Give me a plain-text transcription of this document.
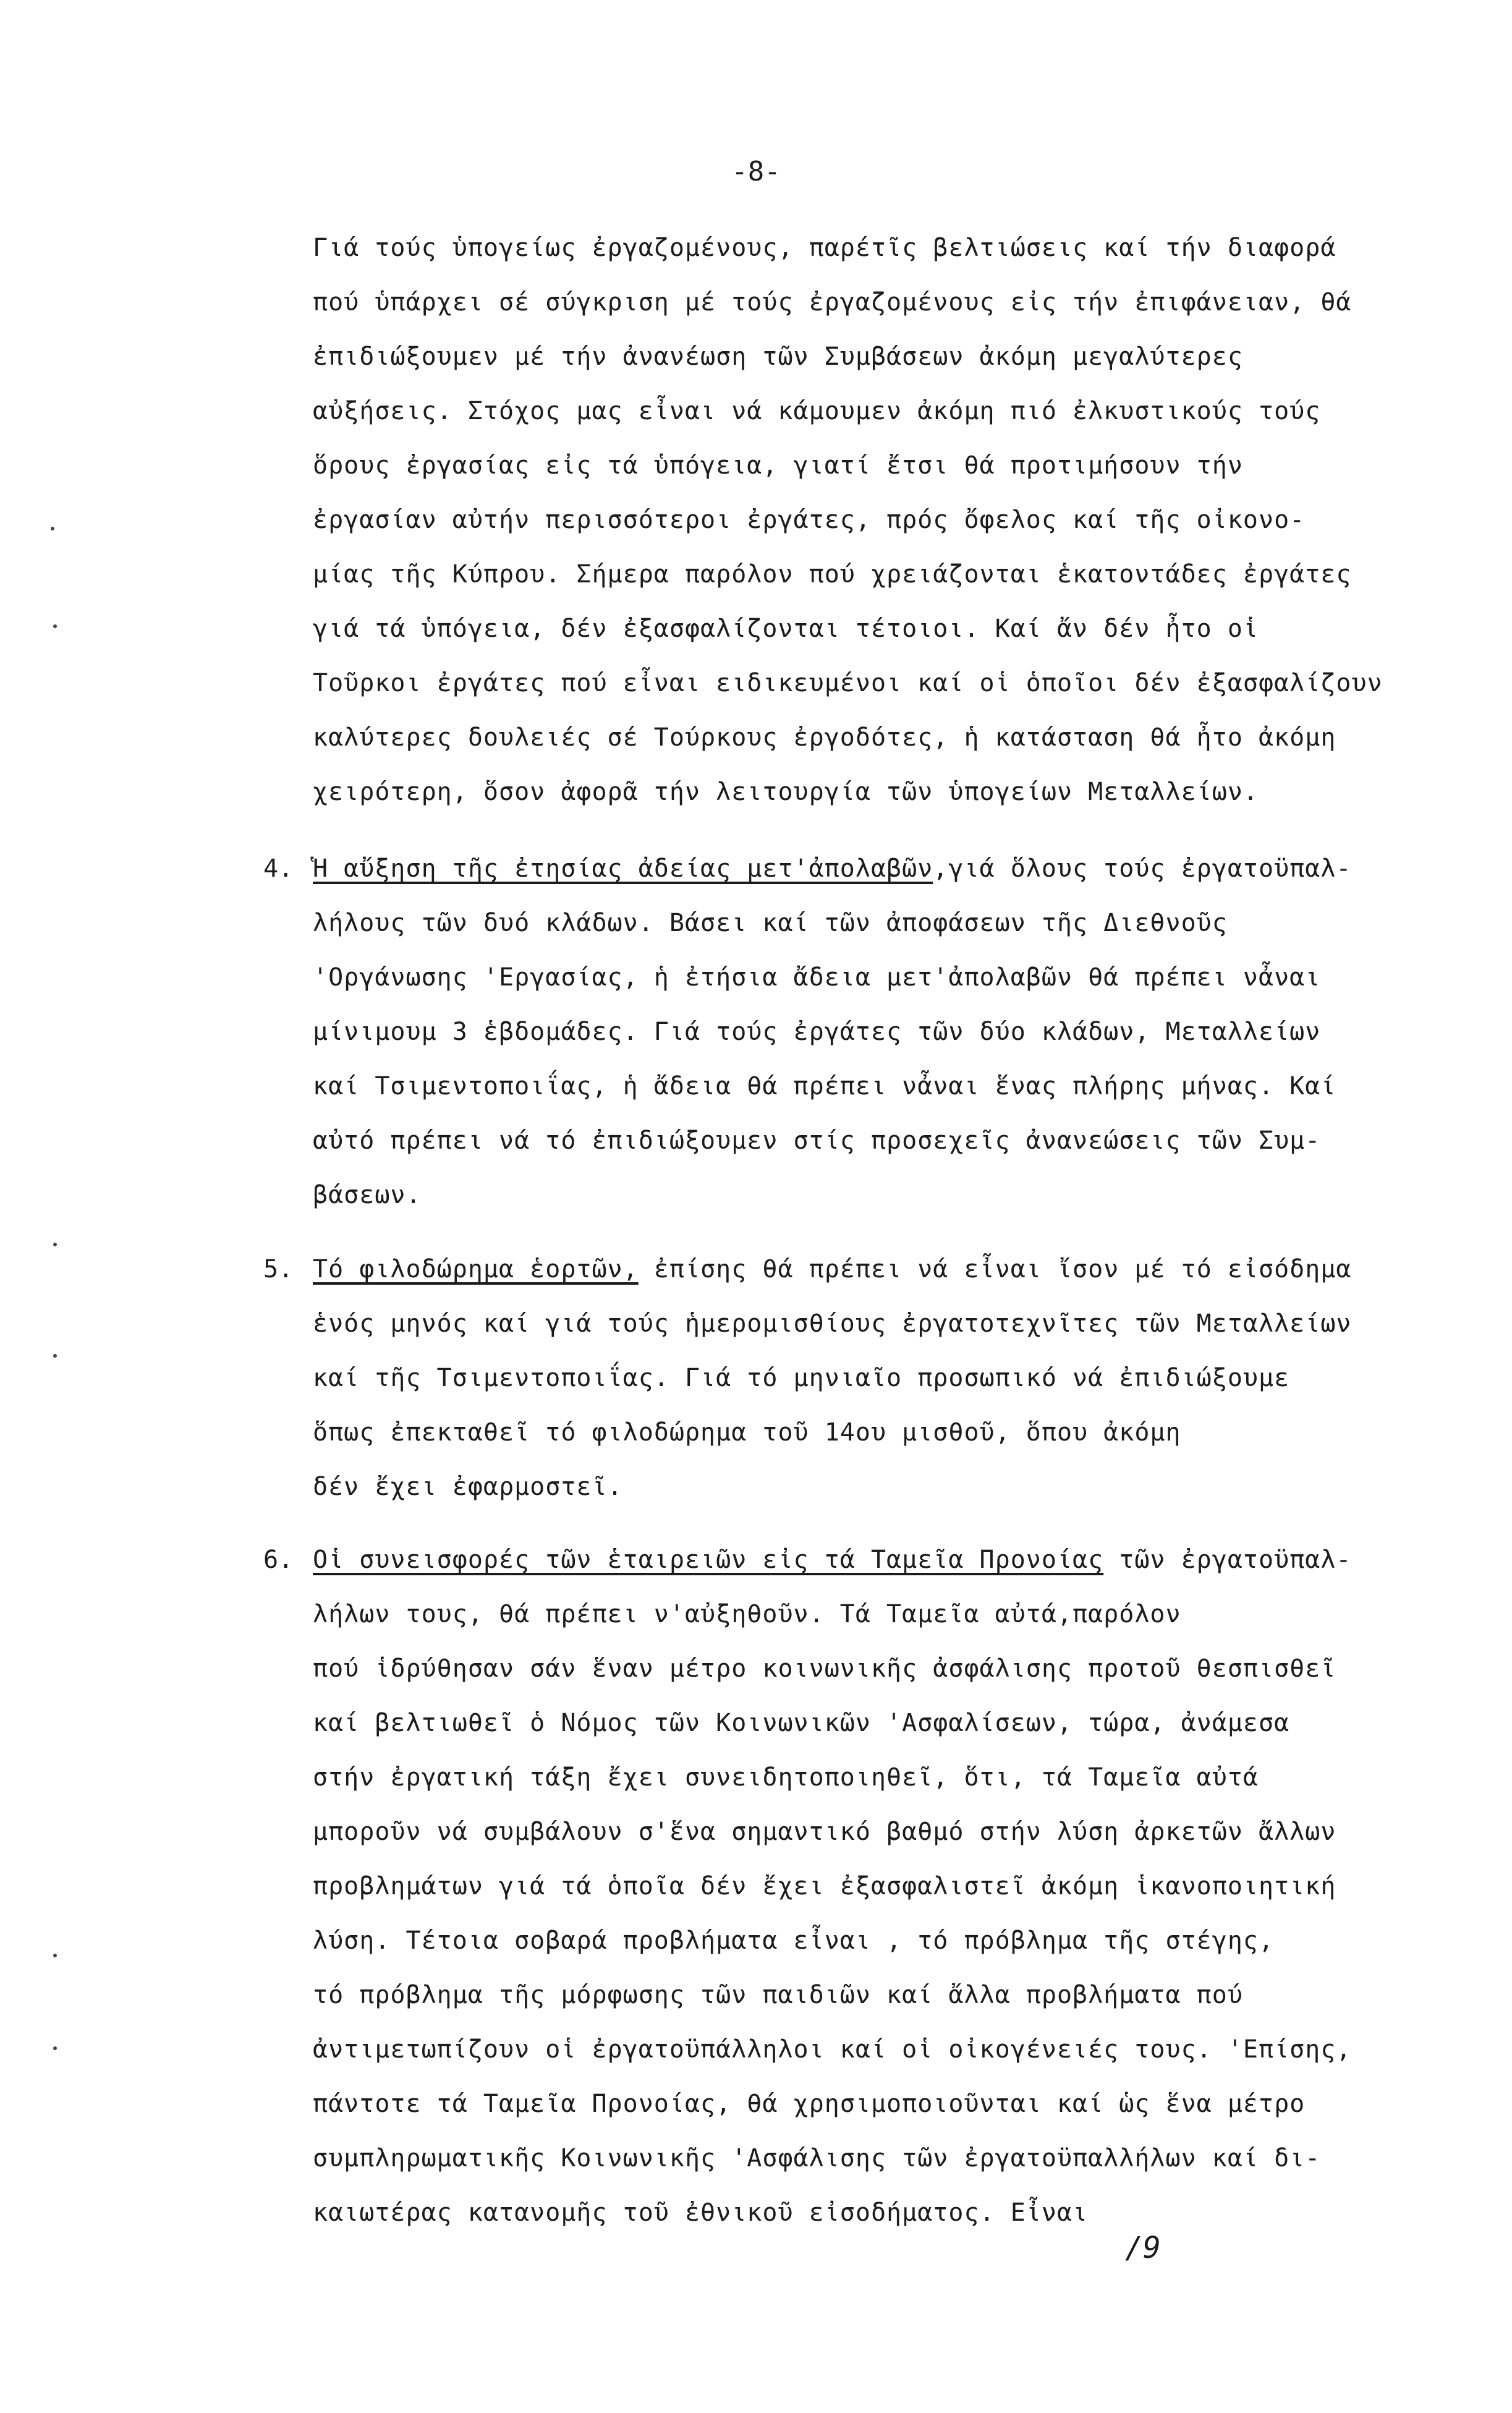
-8-
Γιά τούς ὑπογείως ἐργαζομένους, παρέτῖς βελτιώσεις καί τήν διαφορά
πού ὑπάρχει σέ σύγκριση μέ τούς ἐργαζομένους εἰς τήν ἐπιφάνειαν, θά
ἐπιδιώξουμεν μέ τήν ἀνανέωση τῶν Συμβάσεων ἀκόμη μεγαλύτερες
αὐξήσεις. Στόχος μας εἶναι νά κάμουμεν ἀκόμη πιό ἐλκυστικούς τούς
ὅρους ἐργασίας εἰς τά ὑπόγεια, γιατί ἔτσι θά προτιμήσουν τήν
ἐργασίαν αὐτήν περισσότεροι ἐργάτες, πρός ὄφελος καί τῆς οἰκονο-
μίας τῆς Κύπρου. Σήμερα παρόλον πού χρειάζονται ἑκατοντάδες ἐργάτες
γιά τά ὑπόγεια, δέν ἐξασφαλίζονται τέτοιοι. Καί ἄν δέν ἦτο οἱ
Τοῦρκοι ἐργάτες πού εἶναι ειδικευμένοι καί οἱ ὁποῖοι δέν ἐξασφαλίζουν
καλύτερες δουλειές σέ Τούρκους ἐργοδότες, ἡ κατάσταση θά ἦτο ἀκόμη
χειρότερη, ὅσον ἀφορᾶ τήν λειτουργία τῶν ὑπογείων Μεταλλείων.
4. Ἡ αὔξηση τῆς ἐτησίας ἀδείας μετ'ἀπολαβῶν,γιά ὅλους τούς ἐργατοϋπαλ-
λήλους τῶν δυό κλάδων. Βάσει καί τῶν ἀποφάσεων τῆς Διεθνοῦς
'Οργάνωσης 'Εργασίας, ἡ ἐτήσια ἄδεια μετ'ἀπολαβῶν θά πρέπει νἆναι
μίνιμουμ 3 ἑβδομάδες. Γιά τούς ἐργάτες τῶν δύο κλάδων, Μεταλλείων
καί Τσιμεντοποιΐας, ἡ ἄδεια θά πρέπει νἆναι ἕνας πλήρης μήνας. Καί
αὐτό πρέπει νά τό ἐπιδιώξουμεν στίς προσεχεῖς ἀνανεώσεις τῶν Συμ-
βάσεων.
5. Τό φιλοδώρημα ἑορτῶν, ἐπίσης θά πρέπει νά εἶναι ἴσον μέ τό εἰσόδημα
ἑνός μηνός καί γιά τούς ἡμερομισθίους ἐργατοτεχνῖτες τῶν Μεταλλείων
καί τῆς Τσιμεντοποιΐας. Γιά τό μηνιαῖο προσωπικό νά ἐπιδιώξουμε
ὅπως ἐπεκταθεῖ τό φιλοδώρημα τοῦ 14ου μισθοῦ, ὅπου ἀκόμη
δέν ἔχει ἐφαρμοστεῖ.
6. Οἱ συνεισφορές τῶν ἑταιρειῶν εἰς τά Ταμεῖα Προνοίας τῶν ἐργατοϋπαλ-
λήλων τους, θά πρέπει ν'αὐξηθοῦν. Τά Ταμεῖα αὐτά,παρόλον
πού ἱδρύθησαν σάν ἕναν μέτρο κοινωνικῆς ἀσφάλισης προτοῦ θεσπισθεῖ
καί βελτιωθεῖ ὁ Νόμος τῶν Κοινωνικῶν 'Ασφαλίσεων, τώρα, ἀνάμεσα
στήν ἐργατική τάξη ἔχει συνειδητοποιηθεῖ, ὅτι, τά Ταμεῖα αὐτά
μποροῦν νά συμβάλουν σ'ἕνα σημαντικό βαθμό στήν λύση ἀρκετῶν ἄλλων
προβλημάτων γιά τά ὁποῖα δέν ἔχει ἐξασφαλιστεῖ ἀκόμη ἱκανοποιητική
λύση. Τέτοια σοβαρά προβλήματα εἶναι , τό πρόβλημα τῆς στέγης,
τό πρόβλημα τῆς μόρφωσης τῶν παιδιῶν καί ἄλλα προβλήματα πού
ἀντιμετωπίζουν οἱ ἐργατοϋπάλληλοι καί οἱ οἰκογένειές τους. 'Επίσης,
πάντοτε τά Ταμεῖα Προνοίας, θά χρησιμοποιοῦνται καί ὡς ἕνα μέτρο
συμπληρωματικῆς Κοινωνικῆς 'Ασφάλισης τῶν ἐργατοϋπαλλήλων καί δι-
καιωτέρας κατανομῆς τοῦ ἐθνικοῦ εἰσοδήματος. Εἶναι
/9
